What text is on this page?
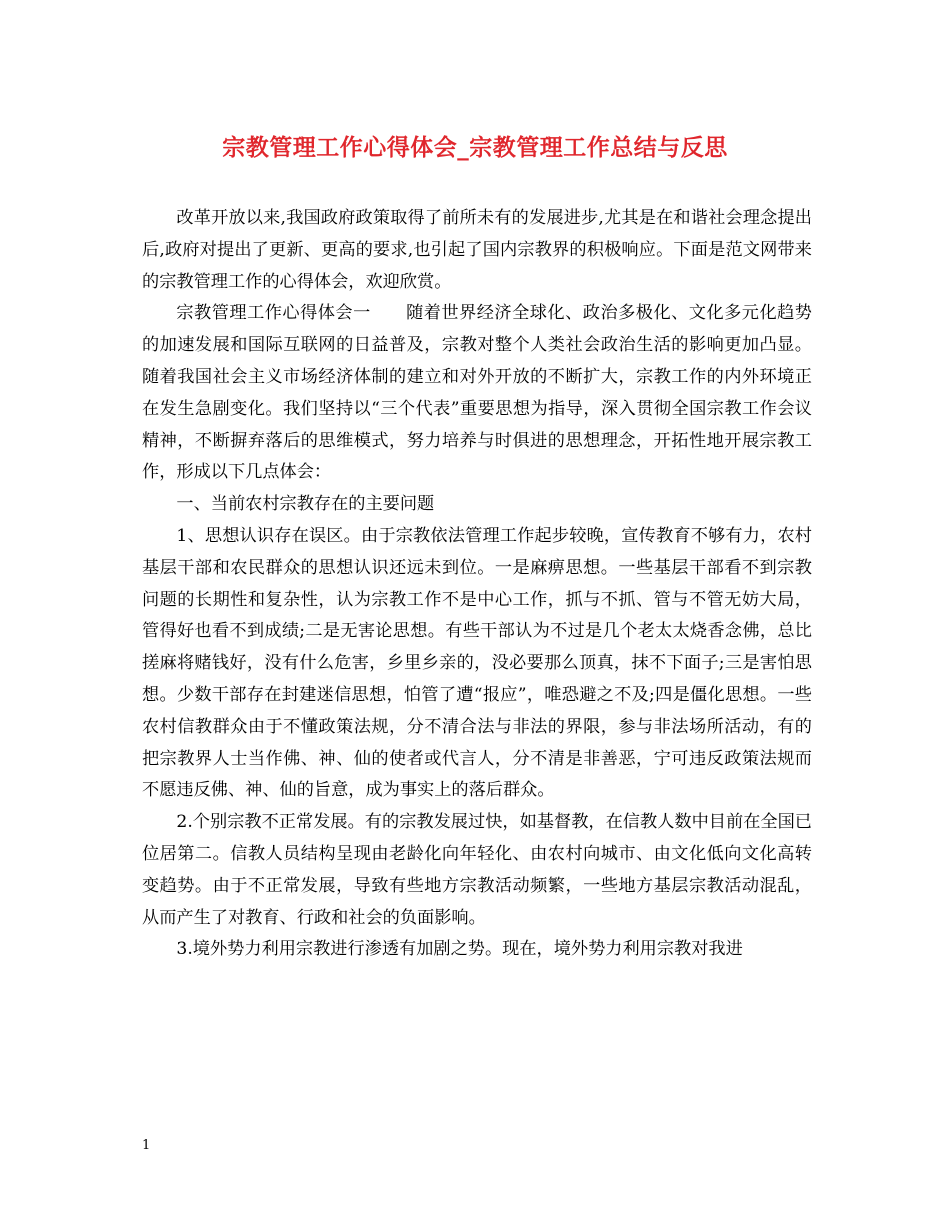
宗教管理工作心得体会_宗教管理工作总结与反思

改革开放以来,我国政府政策取得了前所未有的发展进步,尤其是在和谐社会理念提出后,政府对提出了更新、更高的要求,也引起了国内宗教界的积极响应。下面是范文网带来的宗教管理工作的心得体会，欢迎欣赏。

宗教管理工作心得体会一　　随着世界经济全球化、政治多极化、文化多元化趋势的加速发展和国际互联网的日益普及，宗教对整个人类社会政治生活的影响更加凸显。随着我国社会主义市场经济体制的建立和对外开放的不断扩大，宗教工作的内外环境正在发生急剧变化。我们坚持以“三个代表”重要思想为指导，深入贯彻全国宗教工作会议精神，不断摒弃落后的思维模式，努力培养与时俱进的思想理念，开拓性地开展宗教工作，形成以下几点体会：

一、当前农村宗教存在的主要问题

1、思想认识存在误区。由于宗教依法管理工作起步较晚，宣传教育不够有力，农村基层干部和农民群众的思想认识还远未到位。一是麻痹思想。一些基层干部看不到宗教问题的长期性和复杂性，认为宗教工作不是中心工作，抓与不抓、管与不管无妨大局，管得好也看不到成绩;二是无害论思想。有些干部认为不过是几个老太太烧香念佛，总比搓麻将赌钱好，没有什么危害，乡里乡亲的，没必要那么顶真，抹不下面子;三是害怕思想。少数干部存在封建迷信思想，怕管了遭“报应”，唯恐避之不及;四是僵化思想。一些农村信教群众由于不懂政策法规，分不清合法与非法的界限，参与非法场所活动，有的把宗教界人士当作佛、神、仙的使者或代言人，分不清是非善恶，宁可违反政策法规而不愿违反佛、神、仙的旨意，成为事实上的落后群众。

2.个别宗教不正常发展。有的宗教发展过快，如基督教，在信教人数中目前在全国已位居第二。信教人员结构呈现由老龄化向年轻化、由农村向城市、由文化低向文化高转变趋势。由于不正常发展，导致有些地方宗教活动频繁，一些地方基层宗教活动混乱，从而产生了对教育、行政和社会的负面影响。

3.境外势力利用宗教进行渗透有加剧之势。现在，境外势力利用宗教对我进

1
